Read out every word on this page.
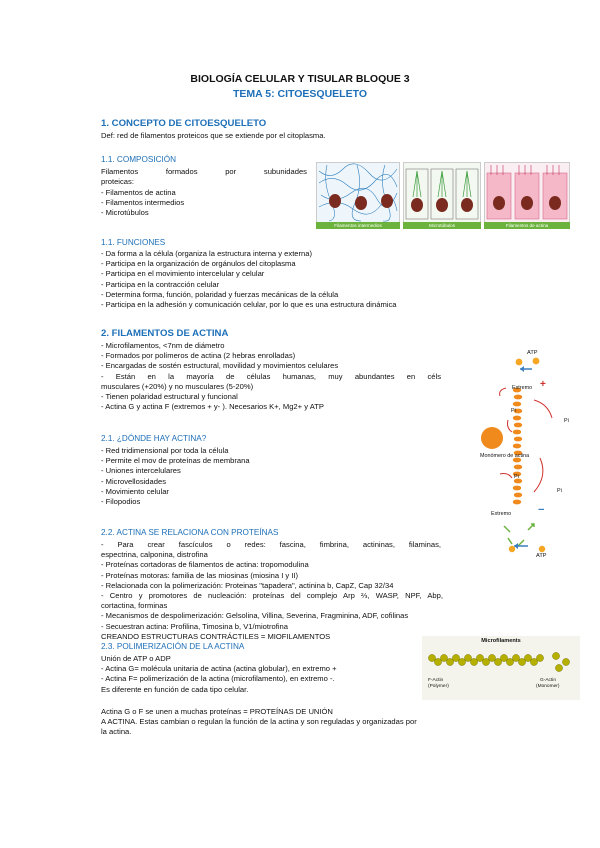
BIOLOGÍA CELULAR Y TISULAR BLOQUE 3
TEMA 5: CITOESQUELETO
1. CONCEPTO DE CITOESQUELETO
Def: red de filamentos proteicos que se extiende por el citoplasma.
1.1. COMPOSICIÓN
Filamentos	formados	por	subunidades
proteicas:
- Filamentos de actina
- Filamentos intermedios
- Microtúbulos
Filamentos intermedios	Microtúbulos	Filamentos de actina
1.1. FUNCIONES
- Da forma a la célula (organiza la estructura interna y externa)
- Participa en la organización de orgánulos del citoplasma
- Participa en el movimiento intercelular y celular
- Participa en la contracción celular
- Determina forma, función, polaridad y fuerzas mecánicas de la célula
- Participa en la adhesión y comunicación celular, por lo que es una estructura dinámica
2. FILAMENTOS DE ACTINA
- Microfilamentos, <7nm de diámetro
- Formados por polímeros de actina (2 hebras enrolladas)
- Encargadas de sostén estructural, movilidad y movimientos celulares
- Están en la mayoría de células humanas, muy abundantes en céls
musculares (+20%) y no musculares (5-20%)
- Tienen polaridad estructural y funcional
- Actina G y actina F (extremos + y- ). Necesarios K+, Mg2+ y ATP
ATP
Extremo +
Pi
Pi
Monómero de actina
Pi
Pi
Extremo −
ATP
2.1. ¿DÓNDE HAY ACTINA?
- Red tridimensional por toda la célula
- Permite el mov de proteínas de membrana
- Uniones intercelulares
- Microvellosidades
- Movimiento celular
- Filopodios
2.2. ACTINA SE RELACIONA CON PROTEÍNAS
- Para crear fascículos o redes: fascina, fimbrina, actininas, filaminas,
espectrina, calponina, distrofina
- Proteínas cortadoras de filamentos de actina: tropomodulina
- Proteínas motoras: familia de las miosinas (miosina I y II)
- Relacionada con la polimerización: Proteinas "tapadera", actinina b, CapZ, Cap 32/34
- Centro y promotores de nucleación: proteínas del complejo Arp ⅔, WASP, NPF, Abp,
cortactina, forminas
- Mecanismos de despolimerización: Gelsolina, Villina, Severina, Fragminina, ADF, cofilinas
- Secuestran actina: Profilina, Timosina b, V1/miotrofina
CREANDO ESTRUCTURAS CONTRÁCTILES = MIOFILAMENTOS
2.3. POLIMERIZACIÓN DE LA ACTINA
Unión de ATP o ADP
- Actina G= molécula unitaria de actina (actina globular), en extremo +
- Actina F= polimerización de la actina (microfilamento), en extremo -.
Es diferente en función de cada tipo celular.
Microfilaments
F-Actin
(Polymer)
G-Actin
(Monomer)
Actina G o F se unen a muchas proteínas = PROTEÍNAS DE UNIÓN
A ACTINA. Estas cambian o regulan la función de la actina y son reguladas y organizadas por
la actina.
